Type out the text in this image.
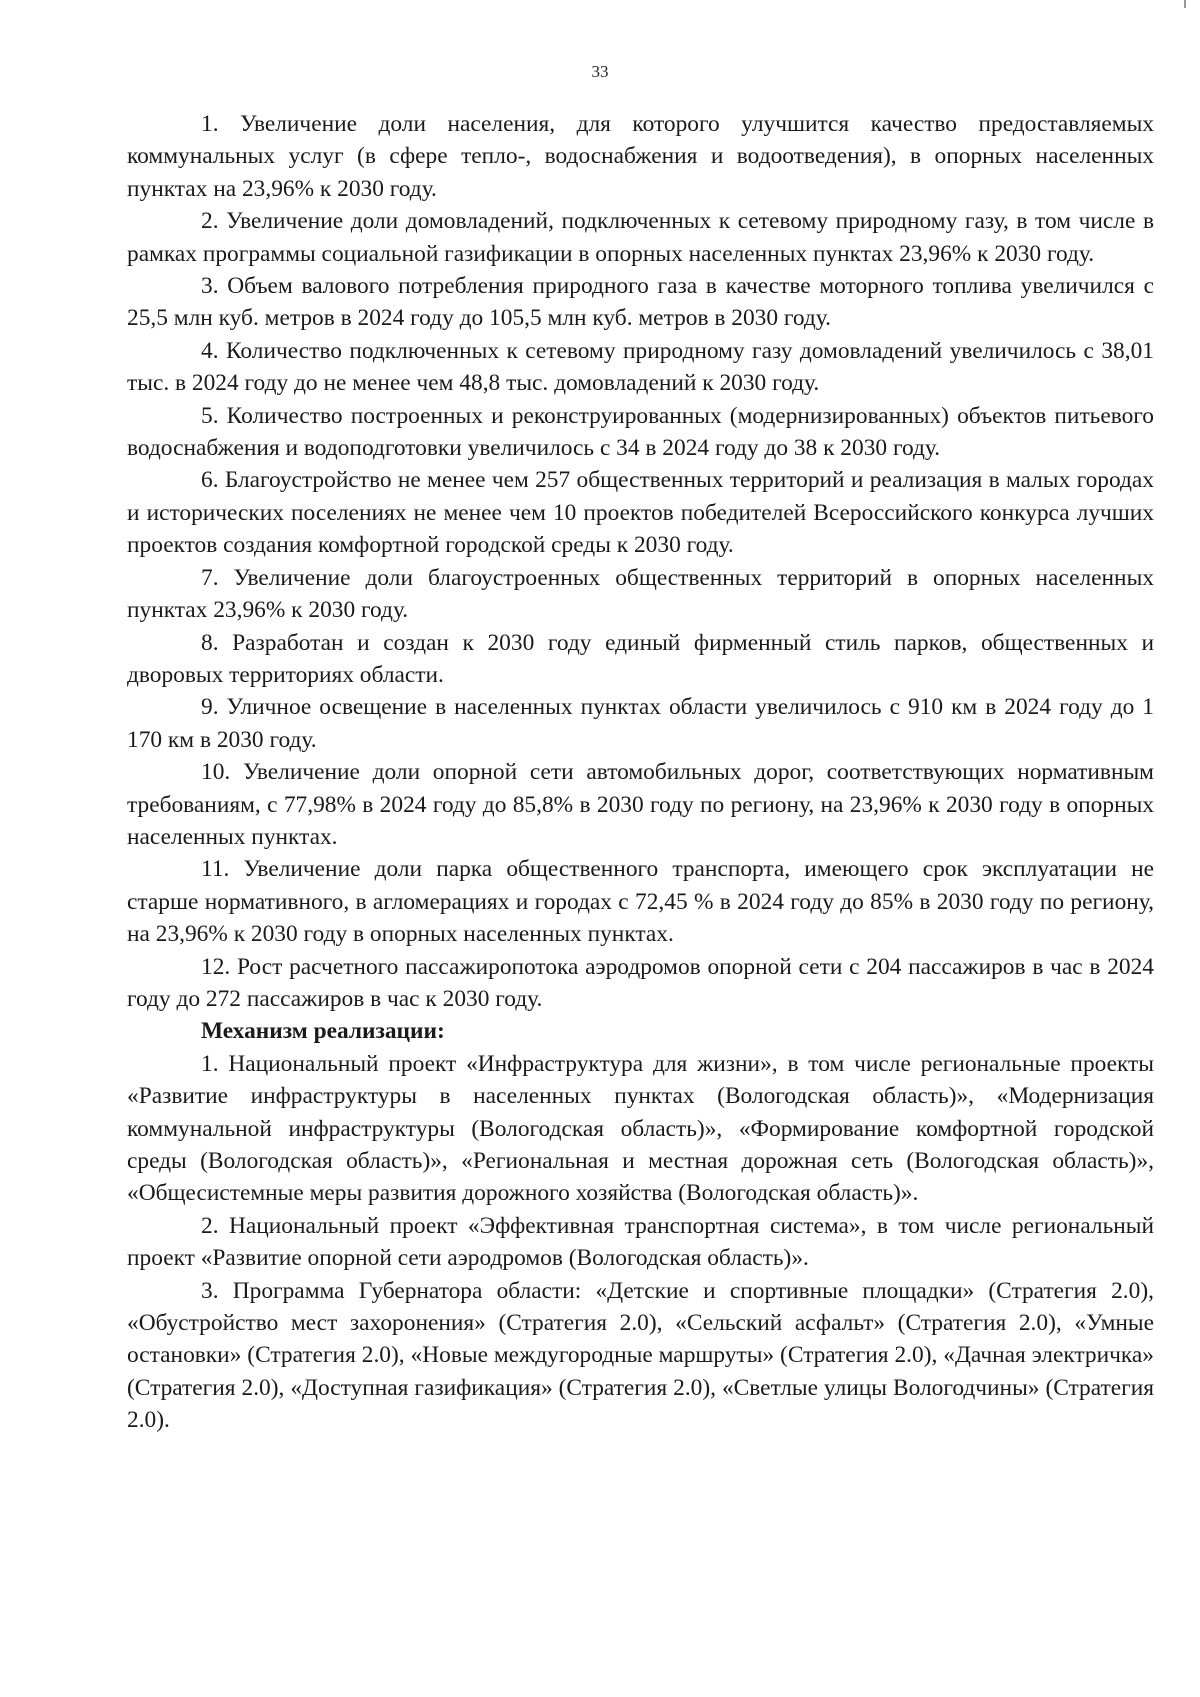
33

1. Увеличение доли населения, для которого улучшится качество предоставляемых коммунальных услуг (в сфере тепло-, водоснабжения и водоотведения), в опорных населенных пунктах на 23,96% к 2030 году.

2. Увеличение доли домовладений, подключенных к сетевому природному газу, в том числе в рамках программы социальной газификации в опорных населенных пунктах 23,96% к 2030 году.

3. Объем валового потребления природного газа в качестве моторного топлива увеличился с 25,5 млн куб. метров в 2024 году до 105,5 млн куб. метров в 2030 году.

4. Количество подключенных к сетевому природному газу домовладений увеличилось с 38,01 тыс. в 2024 году до не менее чем 48,8 тыс. домовладений к 2030 году.

5. Количество построенных и реконструированных (модернизированных) объектов питьевого водоснабжения и водоподготовки увеличилось с 34 в 2024 году до 38 к 2030 году.

6. Благоустройство не менее чем 257 общественных территорий и реализация в малых городах и исторических поселениях не менее чем 10 проектов победителей Всероссийского конкурса лучших проектов создания комфортной городской среды к 2030 году.

7. Увеличение доли благоустроенных общественных территорий в опорных населенных пунктах 23,96% к 2030 году.

8. Разработан и создан к 2030 году единый фирменный стиль парков, общественных и дворовых территориях области.

9. Уличное освещение в населенных пунктах области увеличилось с 910 км в 2024 году до 1 170 км в 2030 году.

10. Увеличение доли опорной сети автомобильных дорог, соответствующих нормативным требованиям, с 77,98% в 2024 году до 85,8% в 2030 году по региону, на 23,96% к 2030 году в опорных населенных пунктах.

11. Увеличение доли парка общественного транспорта, имеющего срок эксплуатации не старше нормативного, в агломерациях и городах с 72,45 % в 2024 году до 85% в 2030 году по региону, на 23,96% к 2030 году в опорных населенных пунктах.

12. Рост расчетного пассажиропотока аэродромов опорной сети с 204 пассажиров в час в 2024 году до 272 пассажиров в час к 2030 году.

Механизм реализации:

1. Национальный проект «Инфраструктура для жизни», в том числе региональные проекты «Развитие инфраструктуры в населенных пунктах (Вологодская область)», «Модернизация коммунальной инфраструктуры (Вологодская область)», «Формирование комфортной городской среды (Вологодская область)», «Региональная и местная дорожная сеть (Вологодская область)», «Общесистемные меры развития дорожного хозяйства (Вологодская область)».

2. Национальный проект «Эффективная транспортная система», в том числе региональный проект «Развитие опорной сети аэродромов (Вологодская область)».

3. Программа Губернатора области: «Детские и спортивные площадки» (Стратегия 2.0), «Обустройство мест захоронения» (Стратегия 2.0), «Сельский асфальт» (Стратегия 2.0), «Умные остановки» (Стратегия 2.0), «Новые междугородные маршруты» (Стратегия 2.0), «Дачная электричка» (Стратегия 2.0), «Доступная газификация» (Стратегия 2.0), «Светлые улицы Вологодчины» (Стратегия 2.0).
